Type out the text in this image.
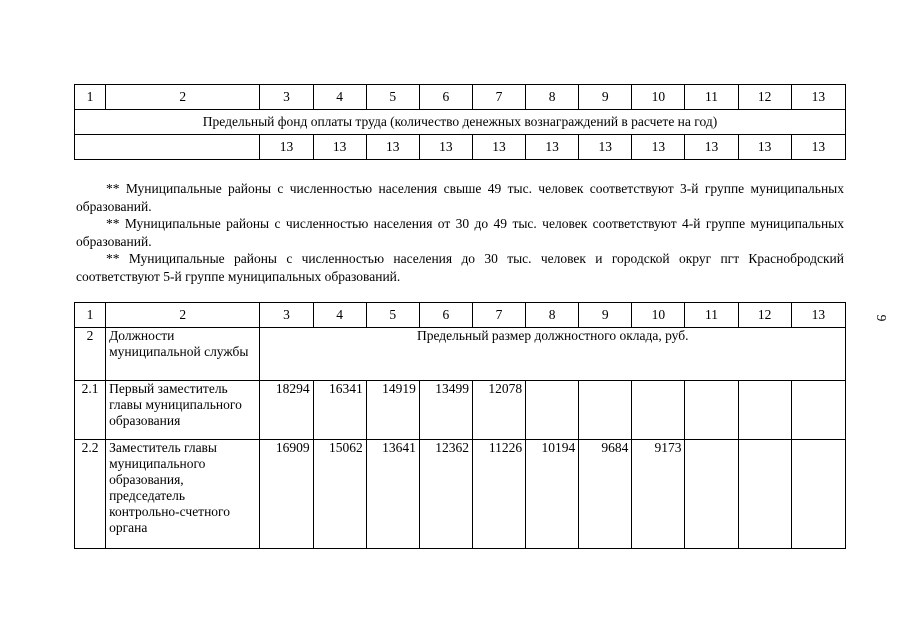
1	2	3	4	5	6	7	8	9	10	11	12	13
Предельный фонд оплаты труда (количество денежных вознаграждений в расчете на год)												
		13	13	13	13	13	13	13	13	13	13	13

** Муниципальные районы с численностью населения свыше 49 тыс. человек соответствуют 3-й группе муниципальных образований.

** Муниципальные районы с численностью населения от 30 до 49 тыс. человек соответствуют 4-й группе муниципальных образований.

** Муниципальные районы с численностью населения до 30 тыс. человек и городской округ пгт Краснобродский соответствуют 5-й группе муниципальных образований.

1	2	3	4	5	6	7	8	9	10	11	12	13
2	Должности муниципальной службы	Предельный размер должностного оклада, руб.										
2.1	Первый заместитель главы муниципального образования	18294	16341	14919	13499	12078						
2.2	Заместитель главы муниципального образования, председатель контрольно-счетного органа	16909	15062	13641	12362	11226	10194	9684	9173			
9
